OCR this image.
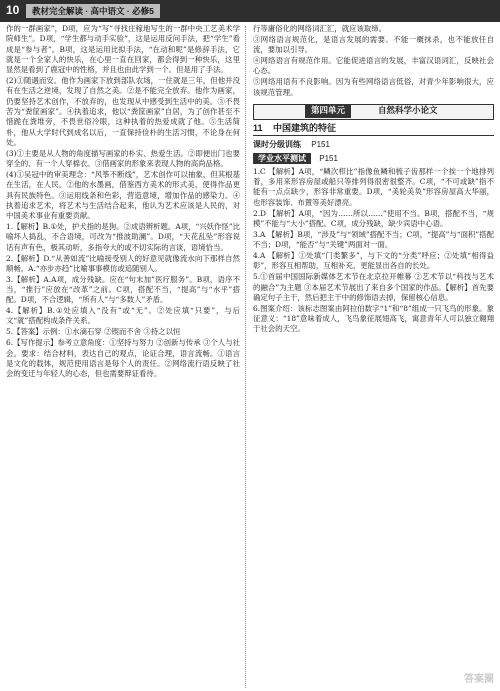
10	教材完全解读 · 高中语文 · 必修5

作的一群画家”，D项，应为“写”寻找庄稼地写生的一群中央工艺美术学院师生”。D项，“学生都与动手实验”，这是运用反问手法，把“学生”看成是“参与者”。B项，这是运用比拟手法，“在动和呢”是修辞手法，它就是一个全家人的快乐，在心里一直在回家，都会得到一种快乐，这里显然是看到了鹿冠中的性格，并且也由此学到一个。但是用了手法。

(2)①随遇而安。他作为画家下放到部队农场，一住就是三年，但他并没有在生活之逆境，发现了自然之美。②是不能完全放弃。他作为画家，仍要坚持艺术创作，不放弃的，也发现从中感受到生活中的美。③不畏苦为“粪筐画家”。④执着追求，他以“粪筐画家”自居，为了创作甚至不惜跪在粪堆旁，不畏世俗冷眼，这种执着的热爱成就了他。⑤生活简朴，他从大学时代到成名以后，一直保持俭朴的生活习惯，不论身在何处。

(3)①主要是从人物的角度描写画家的朴实、热爱生活。②即便出门也要穿全的、有一个人穿棉衣。③借画家的形象来表现人物的高尚品格。

(4)①吴冠中的审美理念：“风筝不断线”，艺术创作可以抽象，但其根基在生活，在人民。②他的水墨画，借鉴西方美术的形式美，使得作品更具有民族特色。③运用线条和色彩，营造意境，增加作品的感染力。④执着追求艺术，将艺术与生活结合起来，他认为艺术应该是人民的，对中国美术事业有重要贡献。

1.【解析】B.①处，护犬指的是狗。②成语辨析题。A项，“兴妖作怪”比喻坏人捣乱，不合语境，可改为“推波助澜”。D项，“天花乱坠”形容说话有声有色，极其动听，多指夸大的或不切实际的言谈，语境恰当。

2.【解析】D.“从善如流”比喻接受别人的好意见就像流水向下那样自然顺畅。A.“亦步亦趋”比喻事事模仿或追随别人。

3.【解析】A.A项，成分残缺。应在“句末加”医疗服务”。B项，语序不当，“推行”应放在“改革”之前。C项，搭配不当，“提高”与“水平”搭配。D项，不合逻辑，“所有人”与“多数人”矛盾。

4.【解析】B.①处应填入“没有”或“无”。②处应填“只要”，与后文“就”搭配构成条件关系。

5.【答案】示例：①水滴石穿 ②锲而不舍 ③持之以恒

6.【写作提示】参考立意角度：①坚持与努力 ②创新与传承 ③个人与社会。要求：结合材料，表达自己的观点，论证合理，语言流畅。①语言是文化的载体，规范使用语言是每个人的责任。②网络流行语反映了社会的变迁与年轻人的心态，但也需要辩证看待。

行等庸俗化的网络词汇汇，就应该取缔。

③网络语言规范化，是语言发展的需要。不能一概抹杀，也不能放任自流，要加以引导。

④网络语言有规范作用。它能促进语言的发展，丰富汉语词汇，反映社会心态。

⑤网络用语有不良影响。因为有些网络语言低俗，对青少年影响很大，应该规范管理。

第四单元	自然科学小论文
11 中国建筑的特征
课时分级训练 P151
学业水平测试 P151

1.C 【解析】A项，“鳞次栉比”指像鱼鳞和梳子齿那样一个挨一个地排列着，多用来形容房屋或船只等排列得很密很整齐。C项，“不可或缺”指不能有一点点缺少，形容非常重要。D项，“美轮美奂”形容房屋高大华丽，也形容装饰、布置等美好漂亮。

2.D 【解析】A项，“因为……所以……”使用不当。B项，搭配不当，“规模”不能与“大小”搭配。C项，成分残缺，缺少宾语中心语。

3.A 【解析】B项，“涉及”与“领域”搭配不当；C项，“提高”与“面积”搭配不当；D项，“能否”与“关键”两面对一面。

4.A 【解析】①处填“门类繁多”，与下文的“分类”呼应；②处填“相得益彰”，形容互相帮助，互相补充，更能显出各自的长处。

5.①首届中国国际新媒体艺术节在北京拉开帷幕 ②艺术节以“科技与艺术的融合”为主题 ③本届艺术节展出了来自多个国家的作品。【解析】首先要确定句子主干，然后把主干中的修饰语去掉，保留核心信息。

6.图案介绍：该标志图案由阿拉伯数字“1”和“8”组成一只飞鸟的形象。象征意义：“18”意味着成人，飞鸟象征展翅高飞，寓意青年人可以独立翱翔于社会的天空。

答案圈
